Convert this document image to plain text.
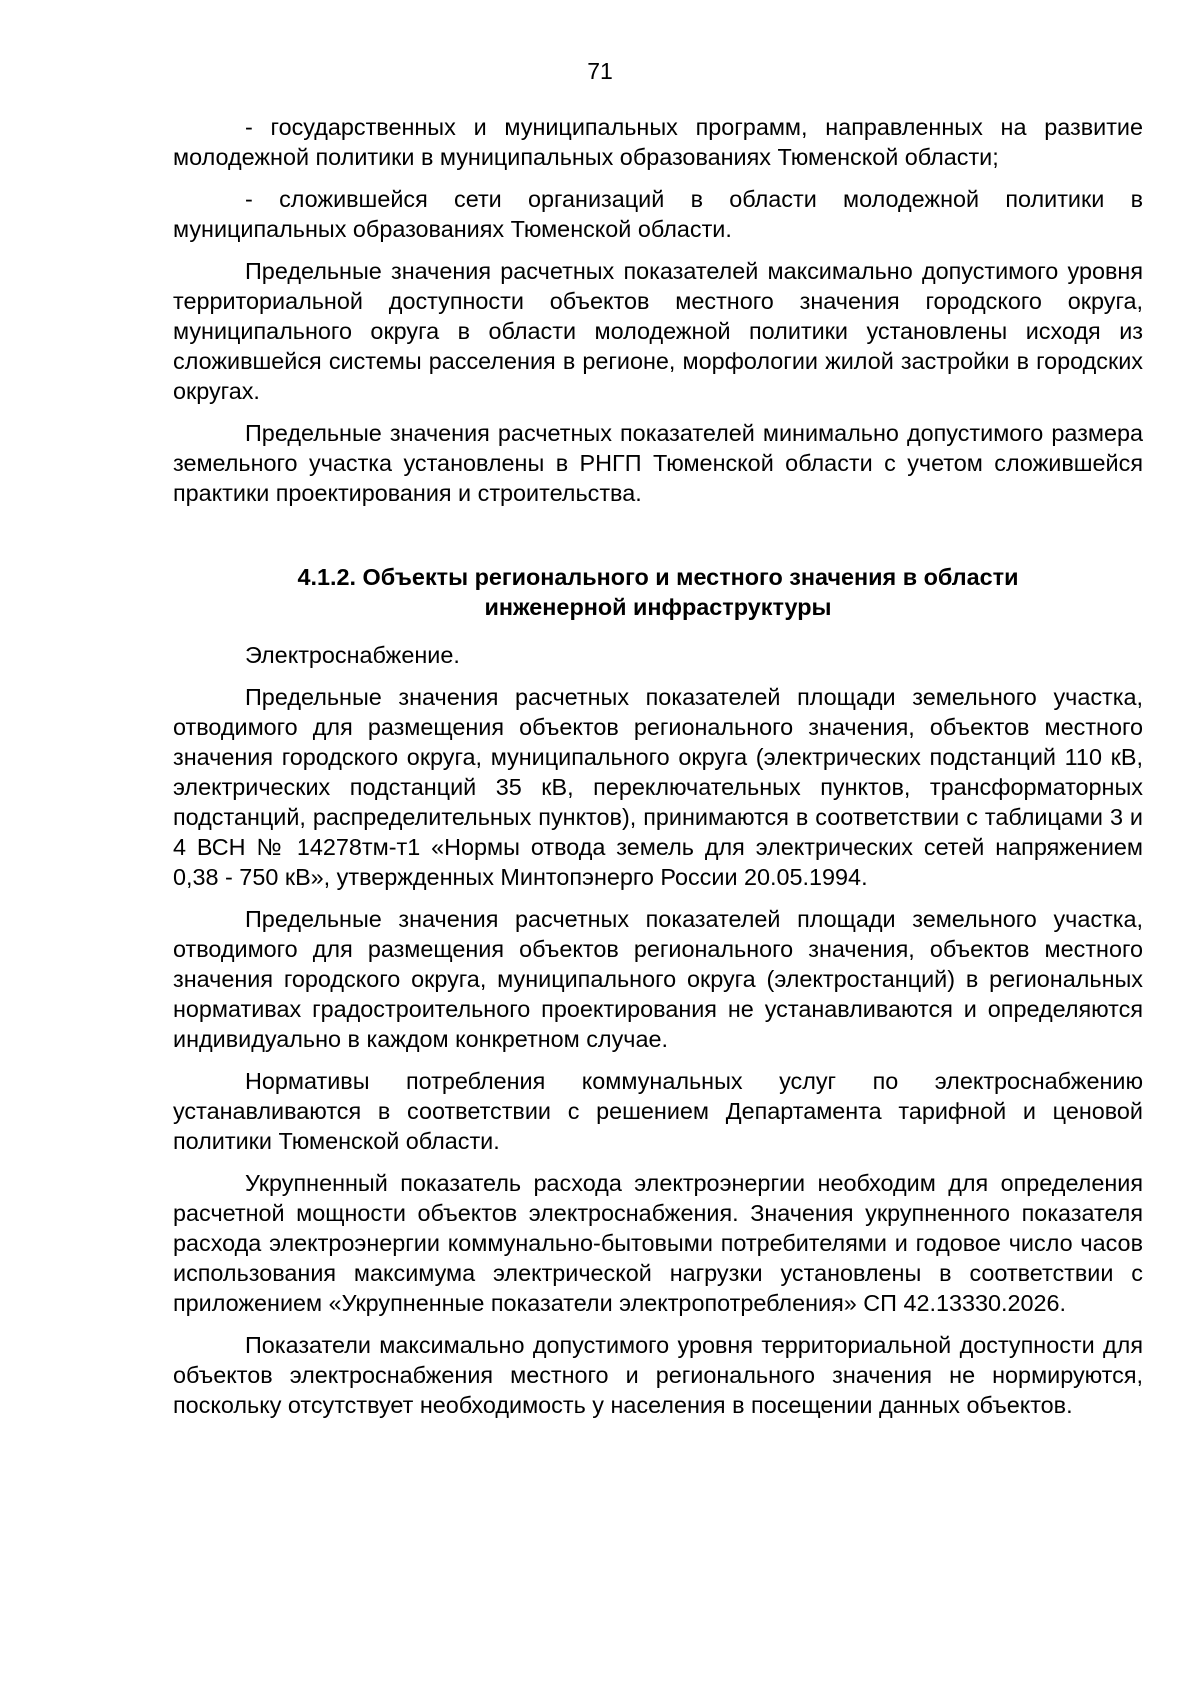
71

- государственных и муниципальных программ, направленных на развитие молодежной политики в муниципальных образованиях Тюменской области;

- сложившейся сети организаций в области молодежной политики в муниципальных образованиях Тюменской области.

Предельные значения расчетных показателей максимально допустимого уровня территориальной доступности объектов местного значения городского округа, муниципального округа в области молодежной политики установлены исходя из сложившейся системы расселения в регионе, морфологии жилой застройки в городских округах.

Предельные значения расчетных показателей минимально допустимого размера земельного участка установлены в РНГП Тюменской области с учетом сложившейся практики проектирования и строительства.

4.1.2. Объекты регионального и местного значения в области
инженерной инфраструктуры

Электроснабжение.

Предельные значения расчетных показателей площади земельного участка, отводимого для размещения объектов регионального значения, объектов местного значения городского округа, муниципального округа (электрических подстанций 110 кВ, электрических подстанций 35 кВ, переключательных пунктов, трансформаторных подстанций, распределительных пунктов), принимаются в соответствии с таблицами 3 и 4 ВСН № 14278тм-т1 «Нормы отвода земель для электрических сетей напряжением 0,38 - 750 кВ», утвержденных Минтопэнерго России 20.05.1994.

Предельные значения расчетных показателей площади земельного участка, отводимого для размещения объектов регионального значения, объектов местного значения городского округа, муниципального округа (электростанций) в региональных нормативах градостроительного проектирования не устанавливаются и определяются индивидуально в каждом конкретном случае.

Нормативы потребления коммунальных услуг по электроснабжению устанавливаются в соответствии с решением Департамента тарифной и ценовой политики Тюменской области.

Укрупненный показатель расхода электроэнергии необходим для определения расчетной мощности объектов электроснабжения. Значения укрупненного показателя расхода электроэнергии коммунально-бытовыми потребителями и годовое число часов использования максимума электрической нагрузки установлены в соответствии с приложением «Укрупненные показатели электропотребления» СП 42.13330.2026.

Показатели максимально допустимого уровня территориальной доступности для объектов электроснабжения местного и регионального значения не нормируются, поскольку отсутствует необходимость у населения в посещении данных объектов.
